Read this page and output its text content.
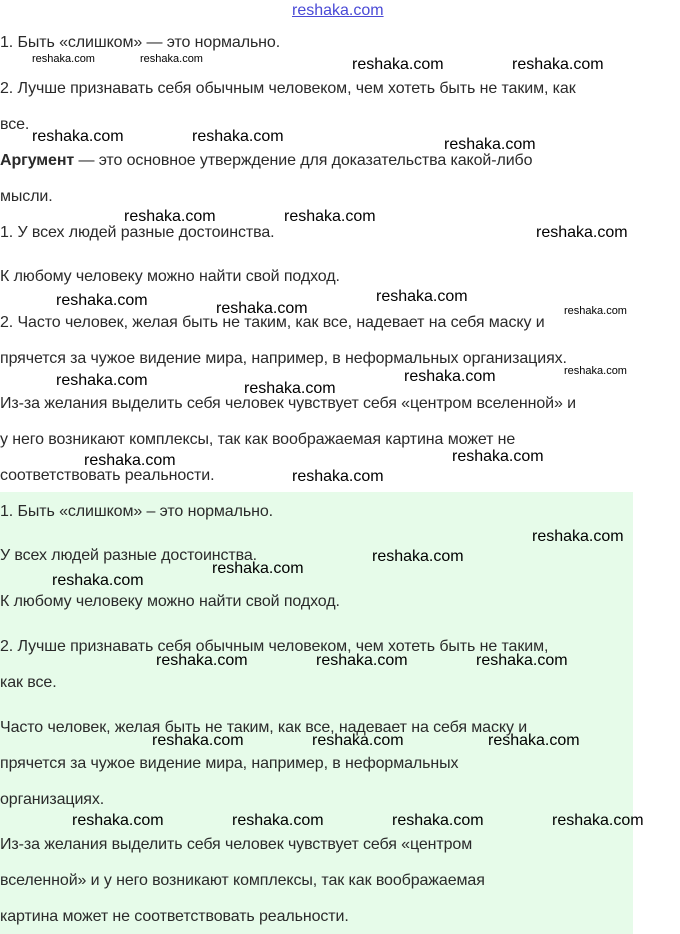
reshaka.com
1. Быть «слишком» — это нормально.
2. Лучше признавать себя обычным человеком, чем хотеть быть не таким, как
все.
Аргумент — это основное утверждение для доказательства какой-либо
мысли.
1. У всех людей разные достоинства.
К любому человеку можно найти свой подход.
2. Часто человек, желая быть не таким, как все, надевает на себя маску и
прячется за чужое видение мира, например, в неформальных организациях.
Из-за желания выделить себя человек чувствует себя «центром вселенной» и
у него возникают комплексы, так как воображаемая картина может не
соответствовать реальности.
1. Быть «слишком» – это нормально.
У всех людей разные достоинства.
К любому человеку можно найти свой подход.
2. Лучше признавать себя обычным человеком, чем хотеть быть не таким,
как все.
Часто человек, желая быть не таким, как все, надевает на себя маску и
прячется за чужое видение мира, например, в неформальных
организациях.
Из-за желания выделить себя человек чувствует себя «центром
вселенной» и у него возникают комплексы, так как воображаемая
картина может не соответствовать реальности.
reshaka.com	reshaka.com	reshaka.com	reshaka.com
reshaka.com	reshaka.com	reshaka.com
reshaka.com	reshaka.com
reshaka.com
reshaka.com	reshaka.com
reshaka.com	reshaka.com
reshaka.com	reshaka.com	reshaka.com
reshaka.com
reshaka.com	reshaka.com
reshaka.com
reshaka.com
reshaka.com
reshaka.com
reshaka.com
reshaka.com	reshaka.com	reshaka.com
reshaka.com	reshaka.com	reshaka.com
reshaka.com	reshaka.com	reshaka.com	reshaka.com
